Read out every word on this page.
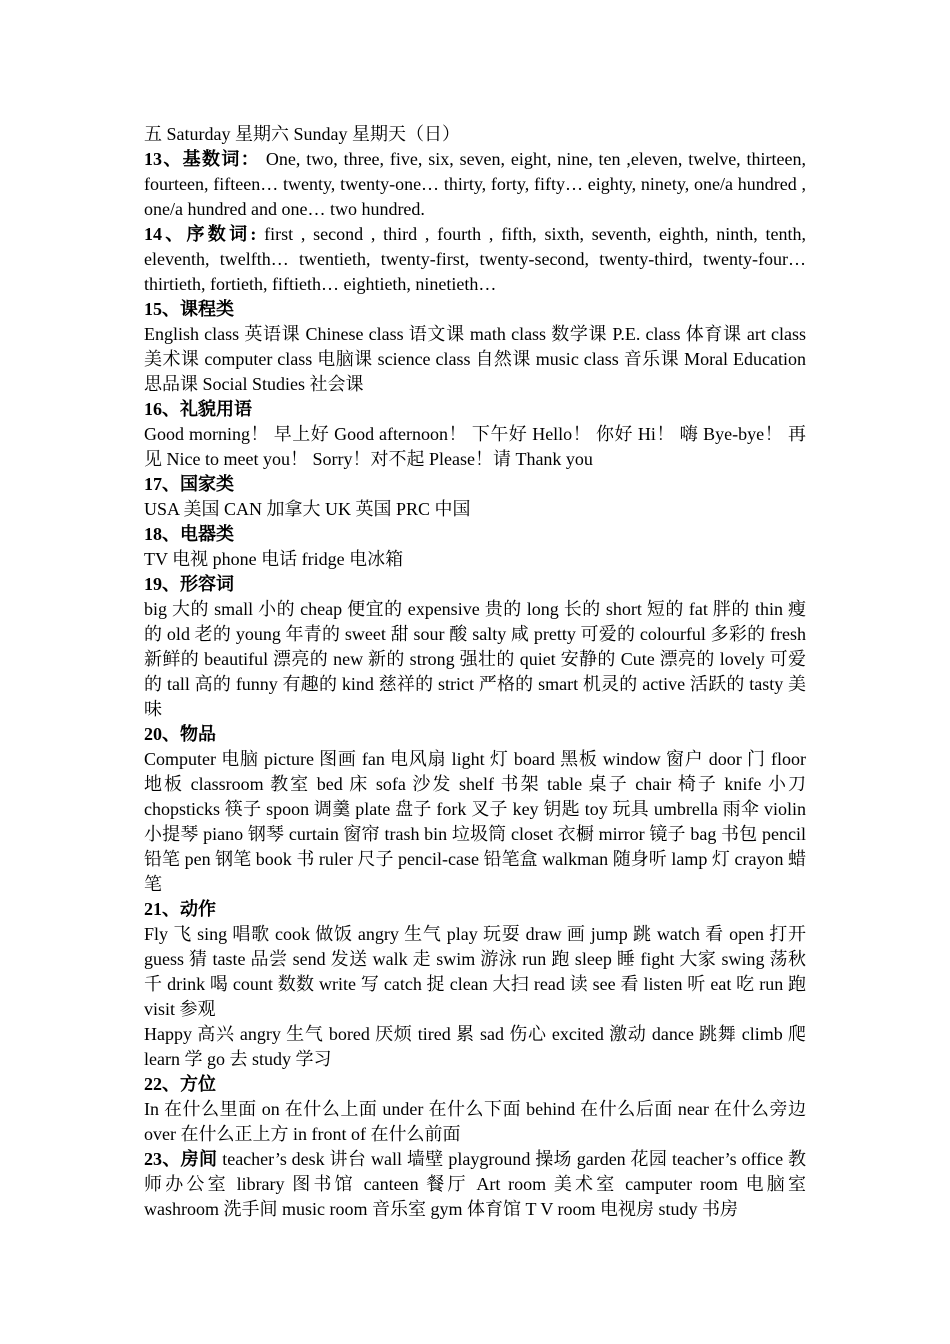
五 Saturday 星期六 Sunday 星期天（日）

13、基数词： One, two, three, five, six, seven, eight, nine, ten ,eleven, twelve, thirteen, fourteen, fifteen… twenty, twenty-one… thirty, forty, fifty… eighty, ninety, one/a hundred , one/a hundred and one… two hundred.

14、序数词: first , second , third , fourth , fifth, sixth, seventh, eighth, ninth, tenth, eleventh, twelfth… twentieth, twenty-first, twenty-second, twenty-third, twenty-four…thirtieth, fortieth, fiftieth… eightieth, ninetieth…

15、课程类

English class 英语课 Chinese class 语文课 math class 数学课 P.E. class 体育课 art class 美术课 computer class 电脑课 science class 自然课 music class 音乐课 Moral Education 思品课 Social Studies 社会课

16、礼貌用语

Good morning！ 早上好 Good afternoon！ 下午好 Hello！ 你好 Hi！ 嗨 Bye-bye！ 再见 Nice to meet you！ Sorry！对不起 Please！请 Thank you

17、国家类

USA 美国 CAN 加拿大 UK 英国 PRC 中国

18、电器类

TV 电视 phone 电话 fridge 电冰箱

19、形容词

big 大的 small 小的 cheap 便宜的 expensive 贵的 long 长的 short 短的 fat 胖的 thin 瘦的 old 老的 young 年青的 sweet 甜 sour 酸 salty 咸 pretty 可爱的 colourful 多彩的 fresh 新鲜的 beautiful 漂亮的 new 新的 strong 强壮的 quiet 安静的 Cute 漂亮的 lovely 可爱的 tall 高的 funny 有趣的 kind 慈祥的 strict 严格的 smart 机灵的 active 活跃的 tasty 美味

20、物品

Computer 电脑 picture 图画 fan 电风扇 light 灯 board 黑板 window 窗户 door 门 floor 地板 classroom 教室 bed 床 sofa 沙发 shelf 书架 table 桌子 chair 椅子 knife 小刀 chopsticks 筷子 spoon 调羹 plate 盘子 fork 叉子 key 钥匙 toy 玩具 umbrella 雨伞 violin 小提琴 piano 钢琴 curtain 窗帘 trash bin 垃圾筒 closet 衣橱 mirror 镜子 bag 书包 pencil 铅笔 pen 钢笔 book 书 ruler 尺子 pencil-case 铅笔盒 walkman 随身听 lamp 灯 crayon 蜡笔

21、动作

Fly 飞 sing 唱歌 cook 做饭 angry 生气 play 玩耍 draw 画 jump 跳 watch 看 open 打开 guess 猜 taste 品尝 send 发送 walk 走 swim 游泳 run 跑 sleep 睡 fight 大家 swing 荡秋千 drink 喝 count 数数 write 写 catch 捉 clean 大扫 read 读 see 看 listen 听 eat 吃 run 跑 visit 参观

Happy 高兴 angry 生气 bored 厌烦 tired 累 sad 伤心 excited 激动 dance 跳舞 climb 爬 learn 学 go 去 study 学习

22、方位

In 在什么里面 on 在什么上面 under 在什么下面 behind 在什么后面 near 在什么旁边 over 在什么正上方 in front of 在什么前面

23、房间 teacher’s desk 讲台 wall 墙壁 playground 操场 garden 花园 teacher’s office 教师办公室 library 图书馆 canteen 餐厅 Art room 美术室 camputer room 电脑室 washroom 洗手间 music room 音乐室 gym 体育馆 T V room 电视房 study 书房
